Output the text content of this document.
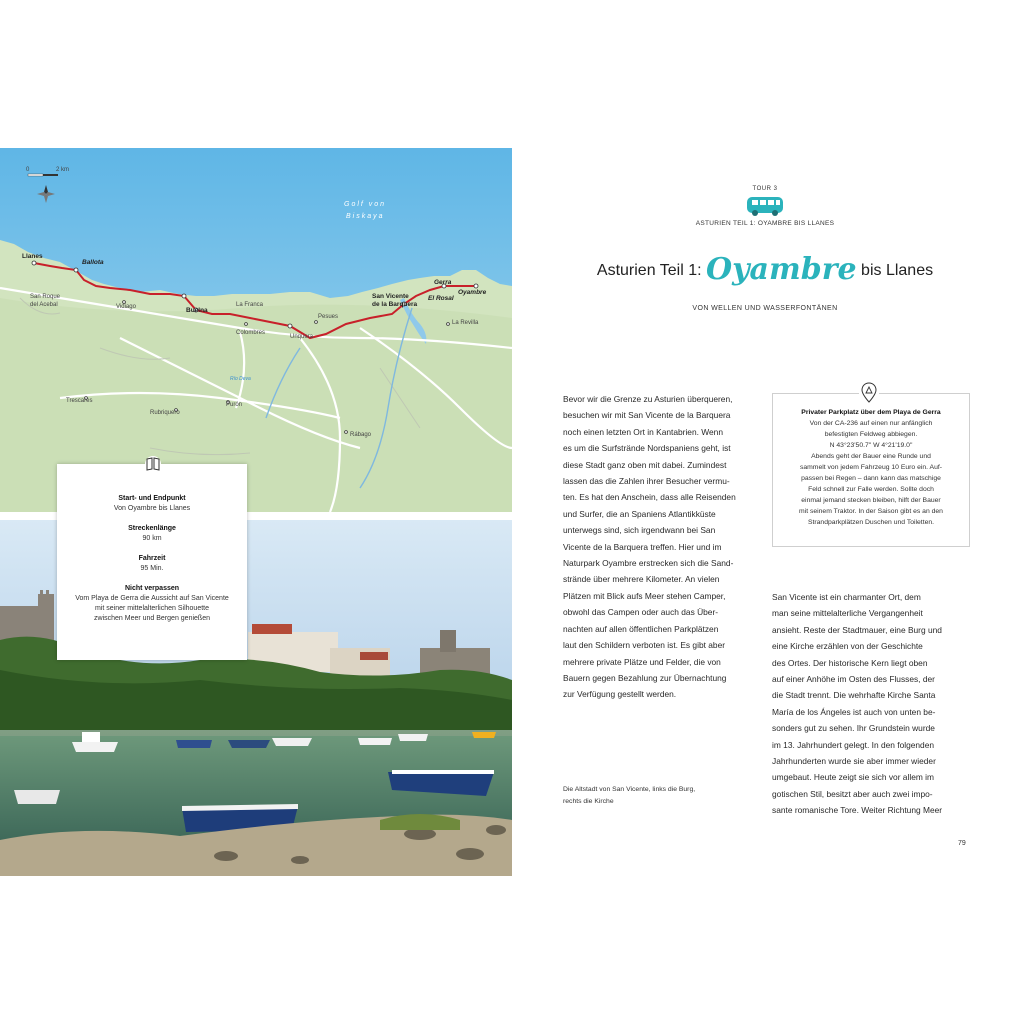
0	2 km
Golf von
Biskaya
Río Deva
Llanes
Ballota
San Roque
del Acebal	Vidiago	Buelna
La Franca
Colombres
Unquera
Pesues
San Vicente
de la Barquera
Gerra
El Rosal
Oyambre
La Revilla
Trescares
Rubriquero
Purón
Rábago
Start- und Endpunkt
Von Oyambre bis Llanes
Streckenlänge
90 km
Fahrzeit
95 Min.
Nicht verpassen
Vom Playa de Gerra die Aussicht auf San Vicente
mit seiner mittelalterlichen Silhouette
zwischen Meer und Bergen genießen
TOUR 3
ASTURIEN TEIL 1: OYAMBRE BIS LLANES
Asturien Teil 1: Oyambre bis Llanes
VON WELLEN UND WASSERFONTÄNEN
Bevor wir die Grenze zu Asturien überqueren,
besuchen wir mit San Vicente de la Barquera
noch einen letzten Ort in Kantabrien. Wenn
es um die Surfstrände Nordspaniens geht, ist
diese Stadt ganz oben mit dabei. Zumindest
lassen das die Zahlen ihrer Besucher vermu-
ten. Es hat den Anschein, dass alle Reisenden
und Surfer, die an Spaniens Atlantikküste
unterwegs sind, sich irgendwann bei San
Vicente de la Barquera treffen. Hier und im
Naturpark Oyambre erstrecken sich die Sand-
strände über mehrere Kilometer. An vielen
Plätzen mit Blick aufs Meer stehen Camper,
obwohl das Campen oder auch das Über-
nachten auf allen öffentlichen Parkplätzen
laut den Schildern verboten ist. Es gibt aber
mehrere private Plätze und Felder, die von
Bauern gegen Bezahlung zur Übernachtung
zur Verfügung gestellt werden.
Privater Parkplatz über dem Playa de Gerra
Von der CA-236 auf einen nur anfänglich
befestigten Feldweg abbiegen.
N 43°23'50.7" W 4°21'19.0"
Abends geht der Bauer eine Runde und
sammelt von jedem Fahrzeug 10 Euro ein. Auf-
passen bei Regen – dann kann das matschige
Feld schnell zur Falle werden. Sollte doch
einmal jemand stecken bleiben, hilft der Bauer
mit seinem Traktor. In der Saison gibt es an den
Strandparkplätzen Duschen und Toiletten.
San Vicente ist ein charmanter Ort, dem
man seine mittelalterliche Vergangenheit
ansieht. Reste der Stadtmauer, eine Burg und
eine Kirche erzählen von der Geschichte
des Ortes. Der historische Kern liegt oben
auf einer Anhöhe im Osten des Flusses, der
die Stadt trennt. Die wehrhafte Kirche Santa
María de los Ángeles ist auch von unten be-
sonders gut zu sehen. Ihr Grundstein wurde
im 13. Jahrhundert gelegt. In den folgenden
Jahrhunderten wurde sie aber immer wieder
umgebaut. Heute zeigt sie sich vor allem im
gotischen Stil, besitzt aber auch zwei impo-
sante romanische Tore. Weiter Richtung Meer
Die Altstadt von San Vicente, links die Burg,
rechts die Kirche
79
